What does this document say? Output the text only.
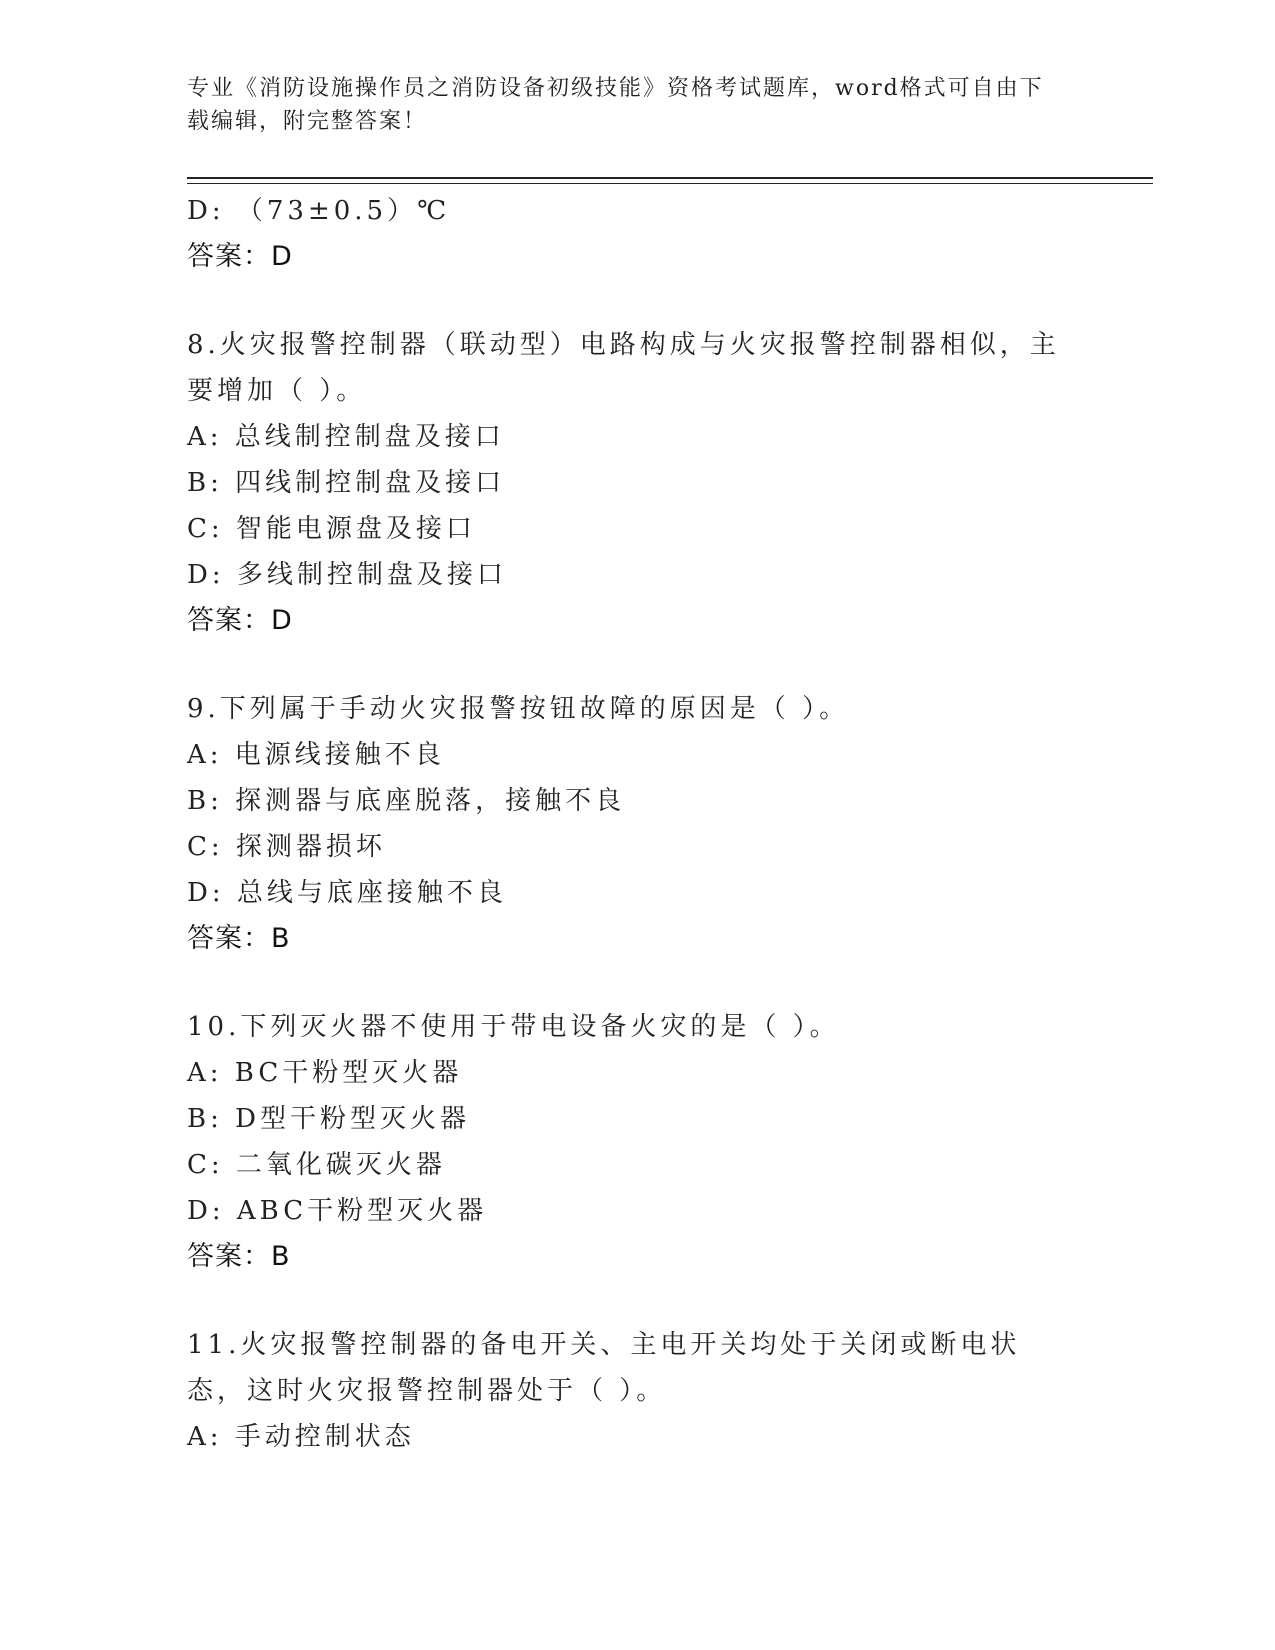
专业《消防设施操作员之消防设备初级技能》资格考试题库，word格式可自由下载编辑，附完整答案！
D: （73±0.5）℃
答案：D
8.火灾报警控制器（联动型）电路构成与火灾报警控制器相似，主要增加（ ）。
A: 总线制控制盘及接口
B: 四线制控制盘及接口
C: 智能电源盘及接口
D: 多线制控制盘及接口
答案：D
9.下列属于手动火灾报警按钮故障的原因是（ ）。
A: 电源线接触不良
B: 探测器与底座脱落，接触不良
C: 探测器损坏
D: 总线与底座接触不良
答案：B
10.下列灭火器不使用于带电设备火灾的是（ ）。
A: BC干粉型灭火器
B: D型干粉型灭火器
C: 二氧化碳灭火器
D: ABC干粉型灭火器
答案：B
11.火灾报警控制器的备电开关、主电开关均处于关闭或断电状态，这时火灾报警控制器处于（ ）。
A: 手动控制状态
